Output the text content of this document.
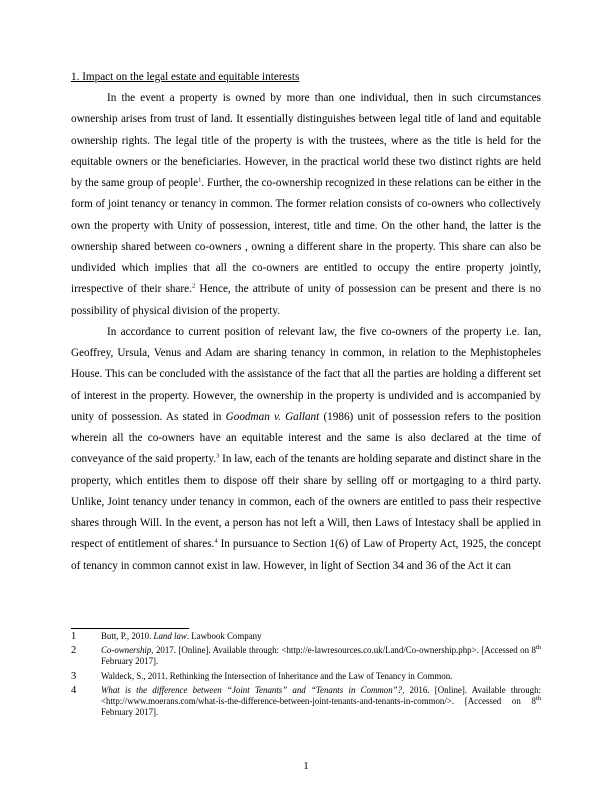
1. Impact on the legal estate and equitable interests

In the event a property is owned by more than one individual, then in such circumstances ownership arises from trust of land. It essentially distinguishes between legal title of land and equitable ownership rights. The legal title of the property is with the trustees, where as the title is held for the equitable owners or the beneficiaries. However, in the practical world these two distinct rights are held by the same group of people$^1$. Further, the co-ownership recognized in these relations can be either in the form of joint tenancy or tenancy in common. The former relation consists of co-owners who collectively own the property with Unity of possession, interest, title and time. On the other hand, the latter is the ownership shared between co-owners , owning a different share in the property. This share can also be undivided which implies that all the co-owners are entitled to occupy the entire property jointly, irrespective of their share.$^2$ Hence, the attribute of unity of possession can be present and there is no possibility of physical division of the property.

In accordance to current position of relevant law, the five co-owners of the property i.e. Ian, Geoffrey, Ursula, Venus and Adam are sharing tenancy in common, in relation to the Mephistopheles House. This can be concluded with the assistance of the fact that all the parties are holding a different set of interest in the property. However, the ownership in the property is undivided and is accompanied by unity of possession. As stated in Goodman v. Gallant (1986) unit of possession refers to the position wherein all the co-owners have an equitable interest and the same is also declared at the time of conveyance of the said property.$^3$ In law, each of the tenants are holding separate and distinct share in the property, which entitles them to dispose off their share by selling off or mortgaging to a third party. Unlike, Joint tenancy under tenancy in common, each of the owners are entitled to pass their respective shares through Will. In the event, a person has not left a Will, then Laws of Intestacy shall be applied in respect of entitlement of shares.$^4$ In pursuance to Section 1(6) of Law of Property Act, 1925, the concept of tenancy in common cannot exist in law. However, in light of Section 34 and 36 of the Act it can

1	Butt, P., 2010. Land law. Lawbook Company
2	Co-ownership, 2017. [Online]. Available through: <http://e-lawresources.co.uk/Land/Co-ownership.php>. [Accessed on 8th February 2017].
3	Waldeck, S., 2011. Rethinking the Intersection of Inheritance and the Law of Tenancy in Common.
4	What is the difference between “Joint Tenants” and “Tenants in Common”?, 2016. [Online]. Available through: <http://www.moerans.com/what-is-the-difference-between-joint-tenants-and-tenants-in-common/>. [Accessed on 8th February 2017].
1
